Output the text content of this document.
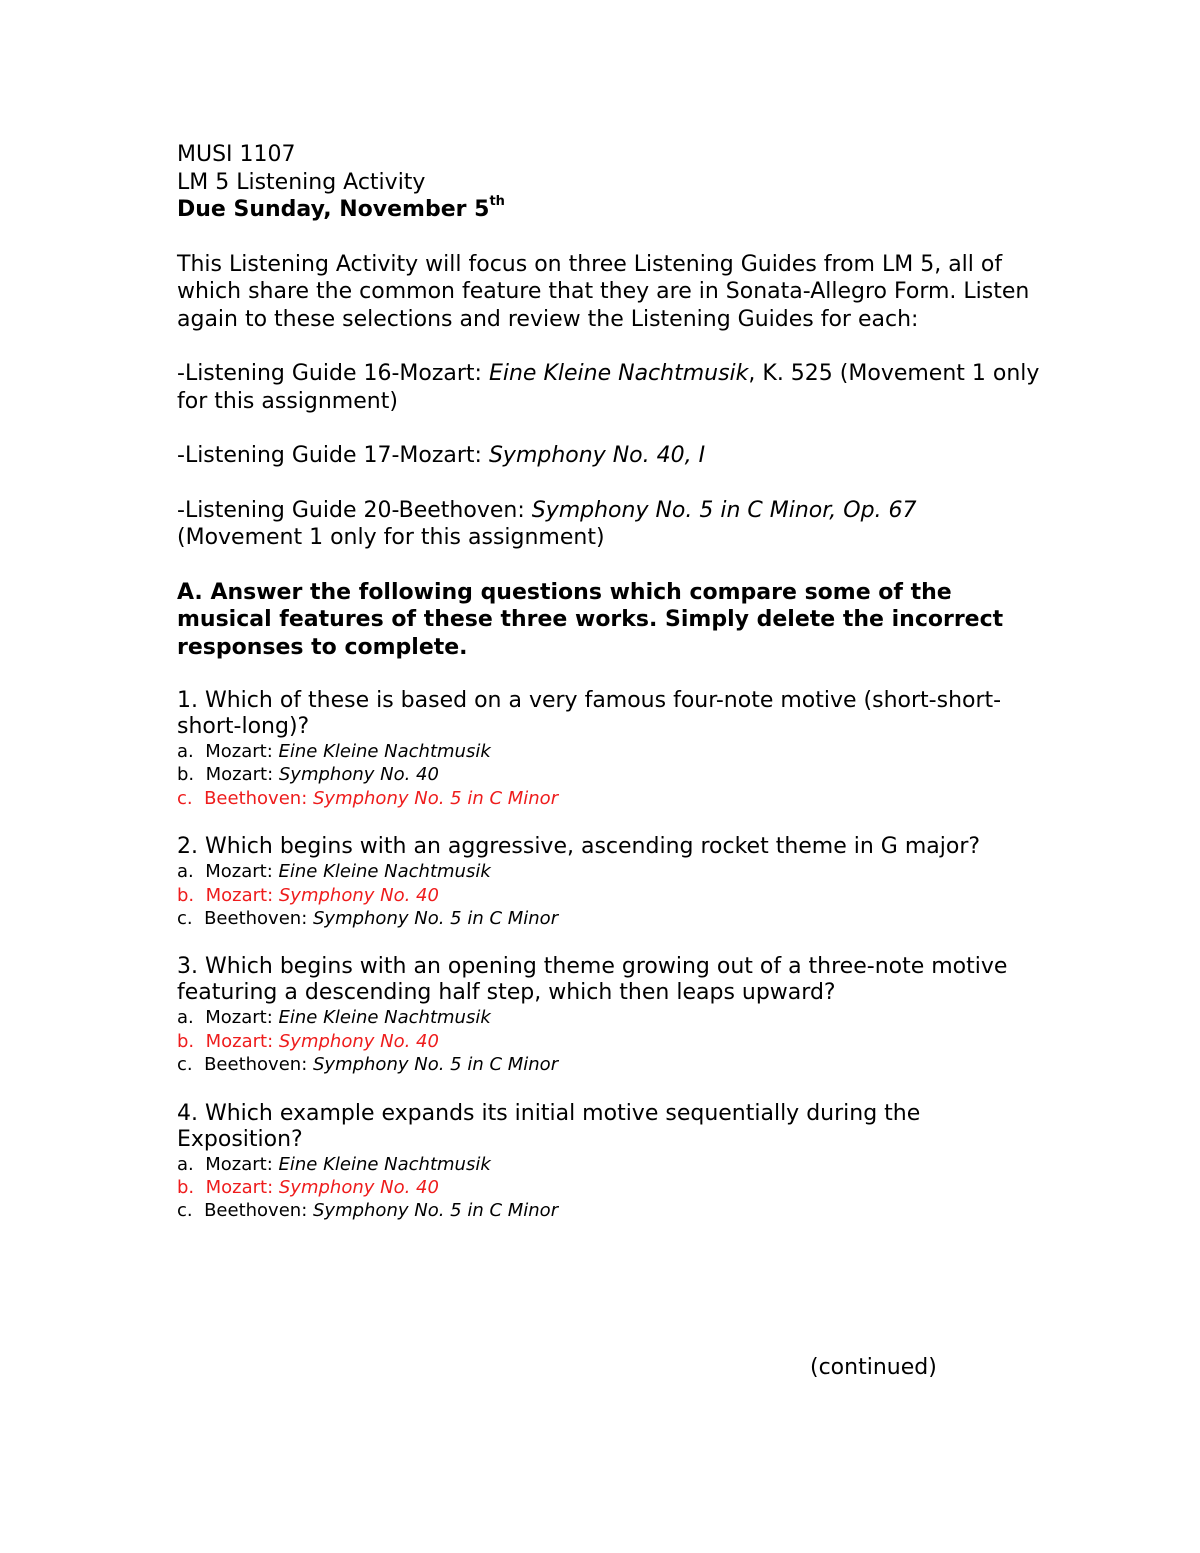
MUSI 1107

LM 5 Listening Activity

Due Sunday, November 5th

This Listening Activity will focus on three Listening Guides from LM 5, all of which share the common feature that they are in Sonata-Allegro Form. Listen again to these selections and review the Listening Guides for each:

-Listening Guide 16-Mozart: Eine Kleine Nachtmusik, K. 525 (Movement 1 only for this assignment)

-Listening Guide 17-Mozart: Symphony No. 40, I

-Listening Guide 20-Beethoven: Symphony No. 5 in C Minor, Op. 67 (Movement 1 only for this assignment)

A. Answer the following questions which compare some of the musical features of these three works. Simply delete the incorrect responses to complete.

1. Which of these is based on a very famous four-note motive (short-short-short-long)?

a. Mozart: Eine Kleine Nachtmusik

b. Mozart: Symphony No. 40

c. Beethoven: Symphony No. 5 in C Minor

2. Which begins with an aggressive, ascending rocket theme in G major?

a. Mozart: Eine Kleine Nachtmusik

b. Mozart: Symphony No. 40

c. Beethoven: Symphony No. 5 in C Minor

3. Which begins with an opening theme growing out of a three-note motive featuring a descending half step, which then leaps upward?

a. Mozart: Eine Kleine Nachtmusik

b. Mozart: Symphony No. 40

c. Beethoven: Symphony No. 5 in C Minor

4. Which example expands its initial motive sequentially during the Exposition?

a. Mozart: Eine Kleine Nachtmusik

b. Mozart: Symphony No. 40

c. Beethoven: Symphony No. 5 in C Minor

(continued)
